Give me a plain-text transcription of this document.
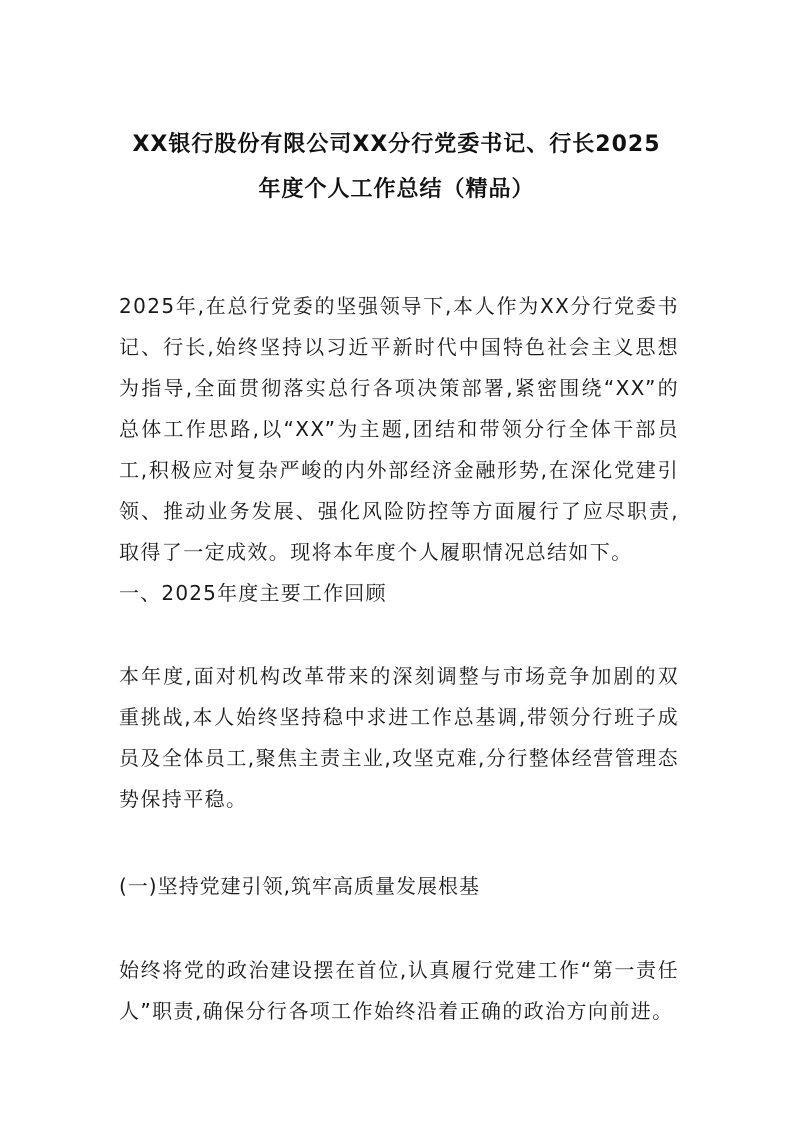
XX银行股份有限公司XX分行党委书记、行长2025
年度个人工作总结（精品）

2025年,在总行党委的坚强领导下,本人作为XX分行党委书记、行长,始终坚持以习近平新时代中国特色社会主义思想为指导,全面贯彻落实总行各项决策部署,紧密围绕“XX”的总体工作思路,以“XX”为主题,团结和带领分行全体干部员工,积极应对复杂严峻的内外部经济金融形势,在深化党建引领、推动业务发展、强化风险防控等方面履行了应尽职责,取得了一定成效。现将本年度个人履职情况总结如下。

一、2025年度主要工作回顾

本年度,面对机构改革带来的深刻调整与市场竞争加剧的双重挑战,本人始终坚持稳中求进工作总基调,带领分行班子成员及全体员工,聚焦主责主业,攻坚克难,分行整体经营管理态势保持平稳。

(一)坚持党建引领,筑牢高质量发展根基

始终将党的政治建设摆在首位,认真履行党建工作“第一责任人”职责,确保分行各项工作始终沿着正确的政治方向前进。
